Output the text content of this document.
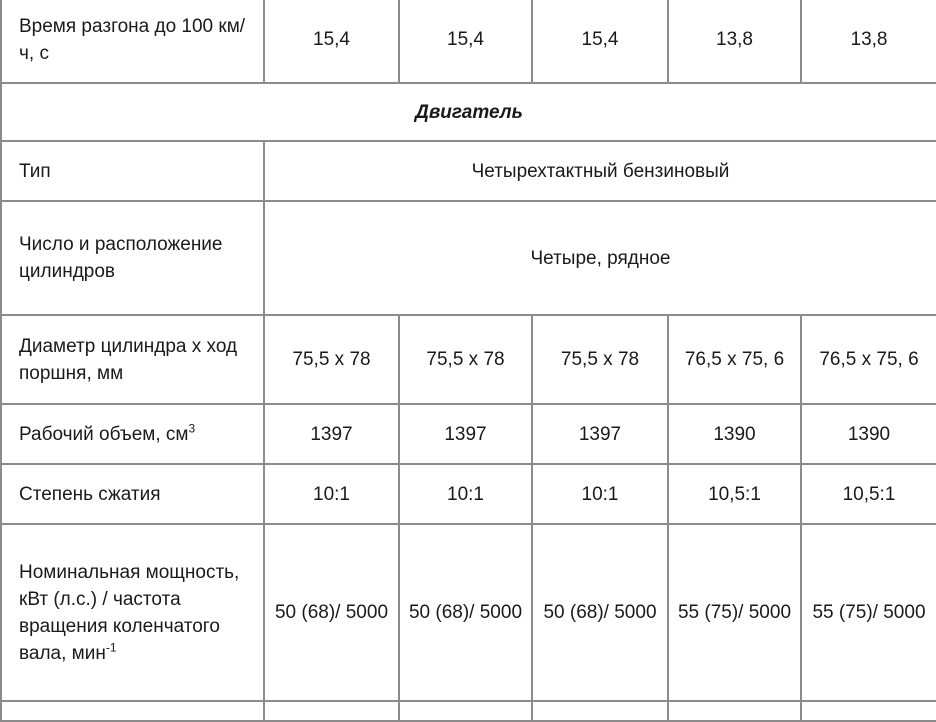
Время разгона до 100 км/ч, с	15,4	15,4	15,4	13,8	13,8
Двигатель					
Тип	Четырехтактный бензиновый				
Число и расположение цилиндров	Четыре, рядное				
Диаметр цилиндра х ход поршня, мм	75,5 х 78	75,5 х 78	75,5 х 78	76,5 х 75, 6	76,5 х 75, 6
Рабочий объем, $см^3$	1397	1397	1397	1390	1390
Степень сжатия	10:1	10:1	10:1	10,5:1	10,5:1
Номинальная мощность, кВт (л.с.) / частота вращения коленчатого вала, мин$^{-1}$	50 (68)/ 5000	50 (68)/ 5000	50 (68)/ 5000	55 (75)/ 5000	55 (75)/ 5000
